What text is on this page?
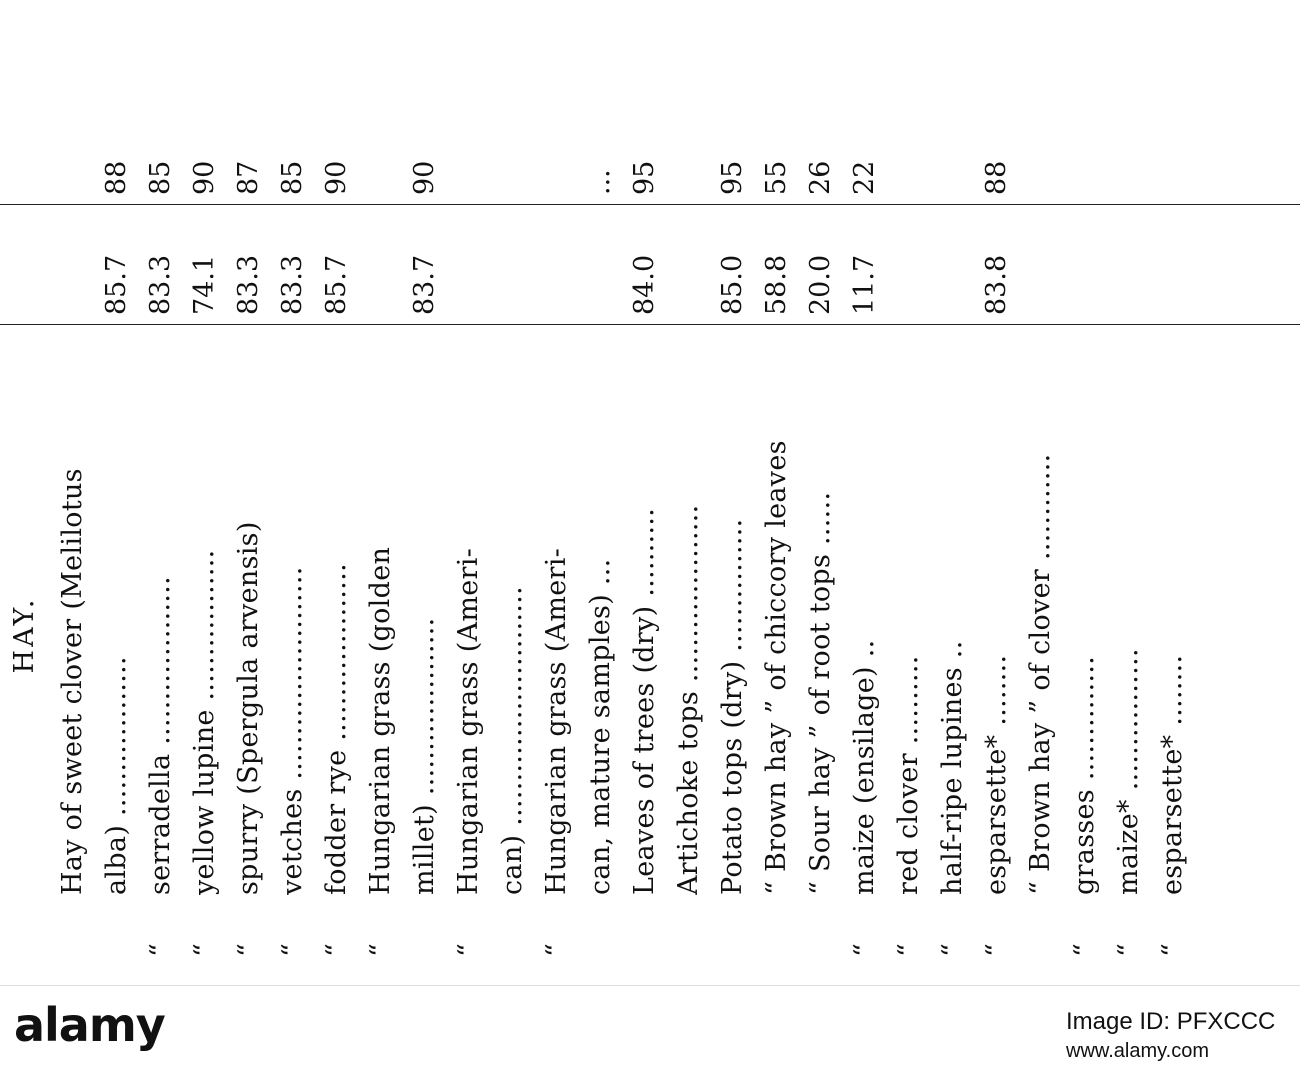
HAY. Hay of sweet clover (Melilotus alba) ..................
85.7
88
“
serradella ...................
83.3
85
“
yellow lupine .................
74.1
90
“
spurry (Spergula arvensis)
83.3
87
“
vetches ........................
83.3
85
“
fodder rye ....................
85.7
90
“
Hungarian grass (golden millet) ....................
83.7
90
“
Hungarian grass (Ameri- can) ...........................
“
Hungarian grass (Ameri- can, mature samples) ...
...
Leaves of trees (dry) ..........
84.0
95
Artichoke tops .................... Potato tops (dry) ...............
85.0
95
“ Brown hay ” of chiccory leaves
58.8
55
“ Sour hay ” of root tops ......
20.0
26
“
maize (ensilage) ..
11.7
22
“
red clover ..........
“
half-ripe lupines ..
“
esparsette* ........
83.8
88
“ Brown hay ” of clover ............
“
grasses ..............
“
maize* ................
“
esparsette* ........
alamy	Image ID: PFXCCC
www.alamy.com
